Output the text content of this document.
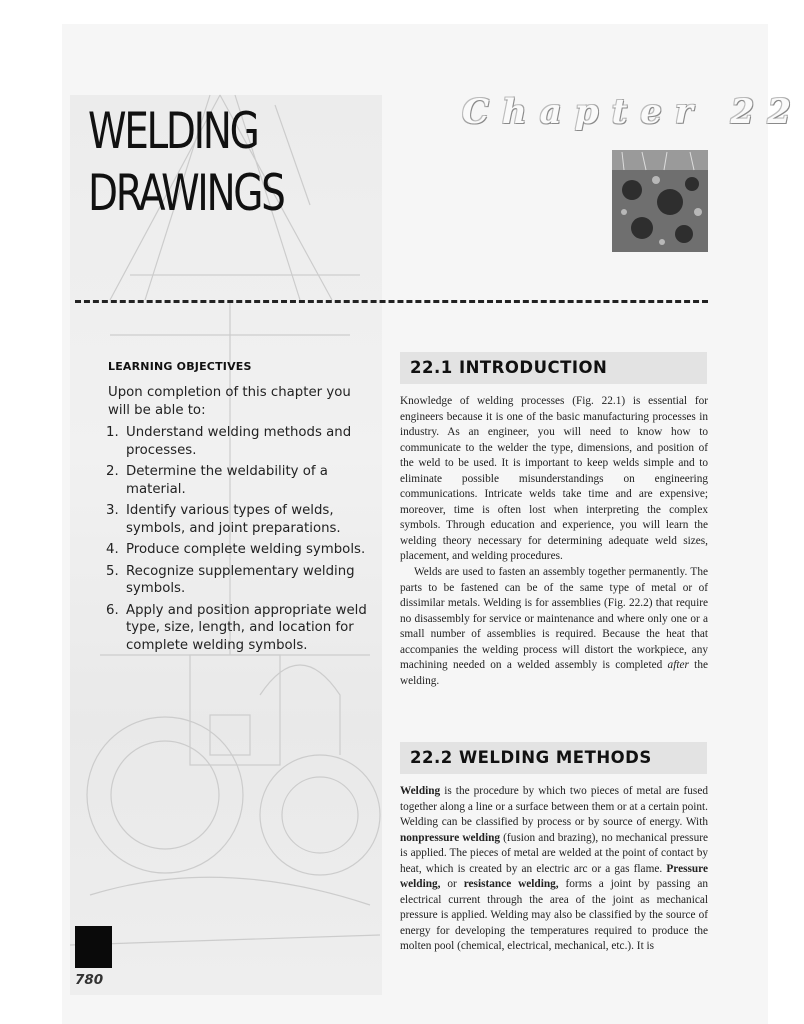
WELDING
DRAWINGS
Chapter 22
LEARNING OBJECTIVES

Upon completion of this chapter you will be able to:

1. Understand welding methods and processes.
2. Determine the weldability of a material.
3. Identify various types of welds, symbols, and joint preparations.
4. Produce complete welding symbols.
5. Recognize supplementary welding symbols.
6. Apply and position appropriate weld type, size, length, and location for complete welding symbols.
22.1 INTRODUCTION

Knowledge of welding processes (Fig. 22.1) is essential for engineers because it is one of the basic manufacturing processes in industry. As an engineer, you will need to know how to communicate to the welder the type, dimensions, and position of the weld to be used. It is important to keep welds simple and to eliminate possible misunderstandings on engineering communications. Intricate welds take time and are expensive; moreover, time is often lost when interpreting the complex symbols. Through education and experience, you will learn the welding theory necessary for determining adequate weld sizes, placement, and welding procedures.

Welds are used to fasten an assembly together permanently. The parts to be fastened can be of the same type of metal or of dissimilar metals. Welding is for assemblies (Fig. 22.2) that require no disassembly for service or maintenance and where only one or a small number of assemblies is required. Because the heat that accompanies the welding process will distort the workpiece, any machining needed on a welded assembly is completed after the welding.

22.2 WELDING METHODS

Welding is the procedure by which two pieces of metal are fused together along a line or a surface between them or at a certain point. Welding can be classified by process or by source of energy. With nonpressure welding (fusion and brazing), no mechanical pressure is applied. The pieces of metal are welded at the point of contact by heat, which is created by an electric arc or a gas flame. Pressure welding, or resistance welding, forms a joint by passing an electrical current through the area of the joint as mechanical pressure is applied. Welding may also be classified by the source of energy for developing the temperatures required to produce the molten pool (chemical, electrical, mechanical, etc.). It is

780
